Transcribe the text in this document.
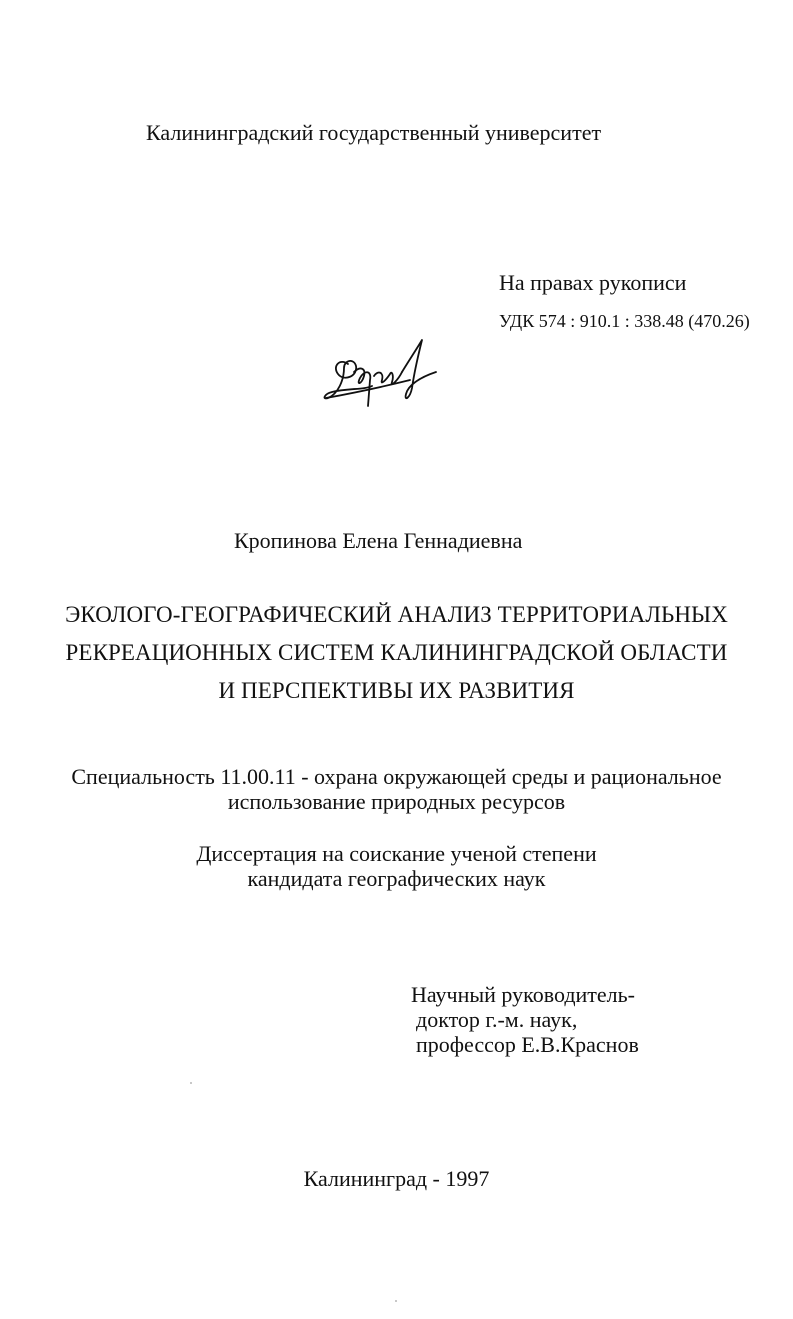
Калининградский государственный университет
На правах рукописи
УДК 574 : 910.1 : 338.48 (470.26)
Кропинова Елена Геннадиевна
ЭКОЛОГО-ГЕОГРАФИЧЕСКИЙ АНАЛИЗ ТЕРРИТОРИАЛЬНЫХ
РЕКРЕАЦИОННЫХ СИСТЕМ КАЛИНИНГРАДСКОЙ ОБЛАСТИ
И ПЕРСПЕКТИВЫ ИХ РАЗВИТИЯ
Специальность 11.00.11 - охрана окружающей среды и рациональное
использование природных ресурсов
Диссертация на соискание ученой степени
кандидата географических наук
Научный руководитель-
доктор г.-м. наук,
профессор Е.В.Краснов
Калининград - 1997
